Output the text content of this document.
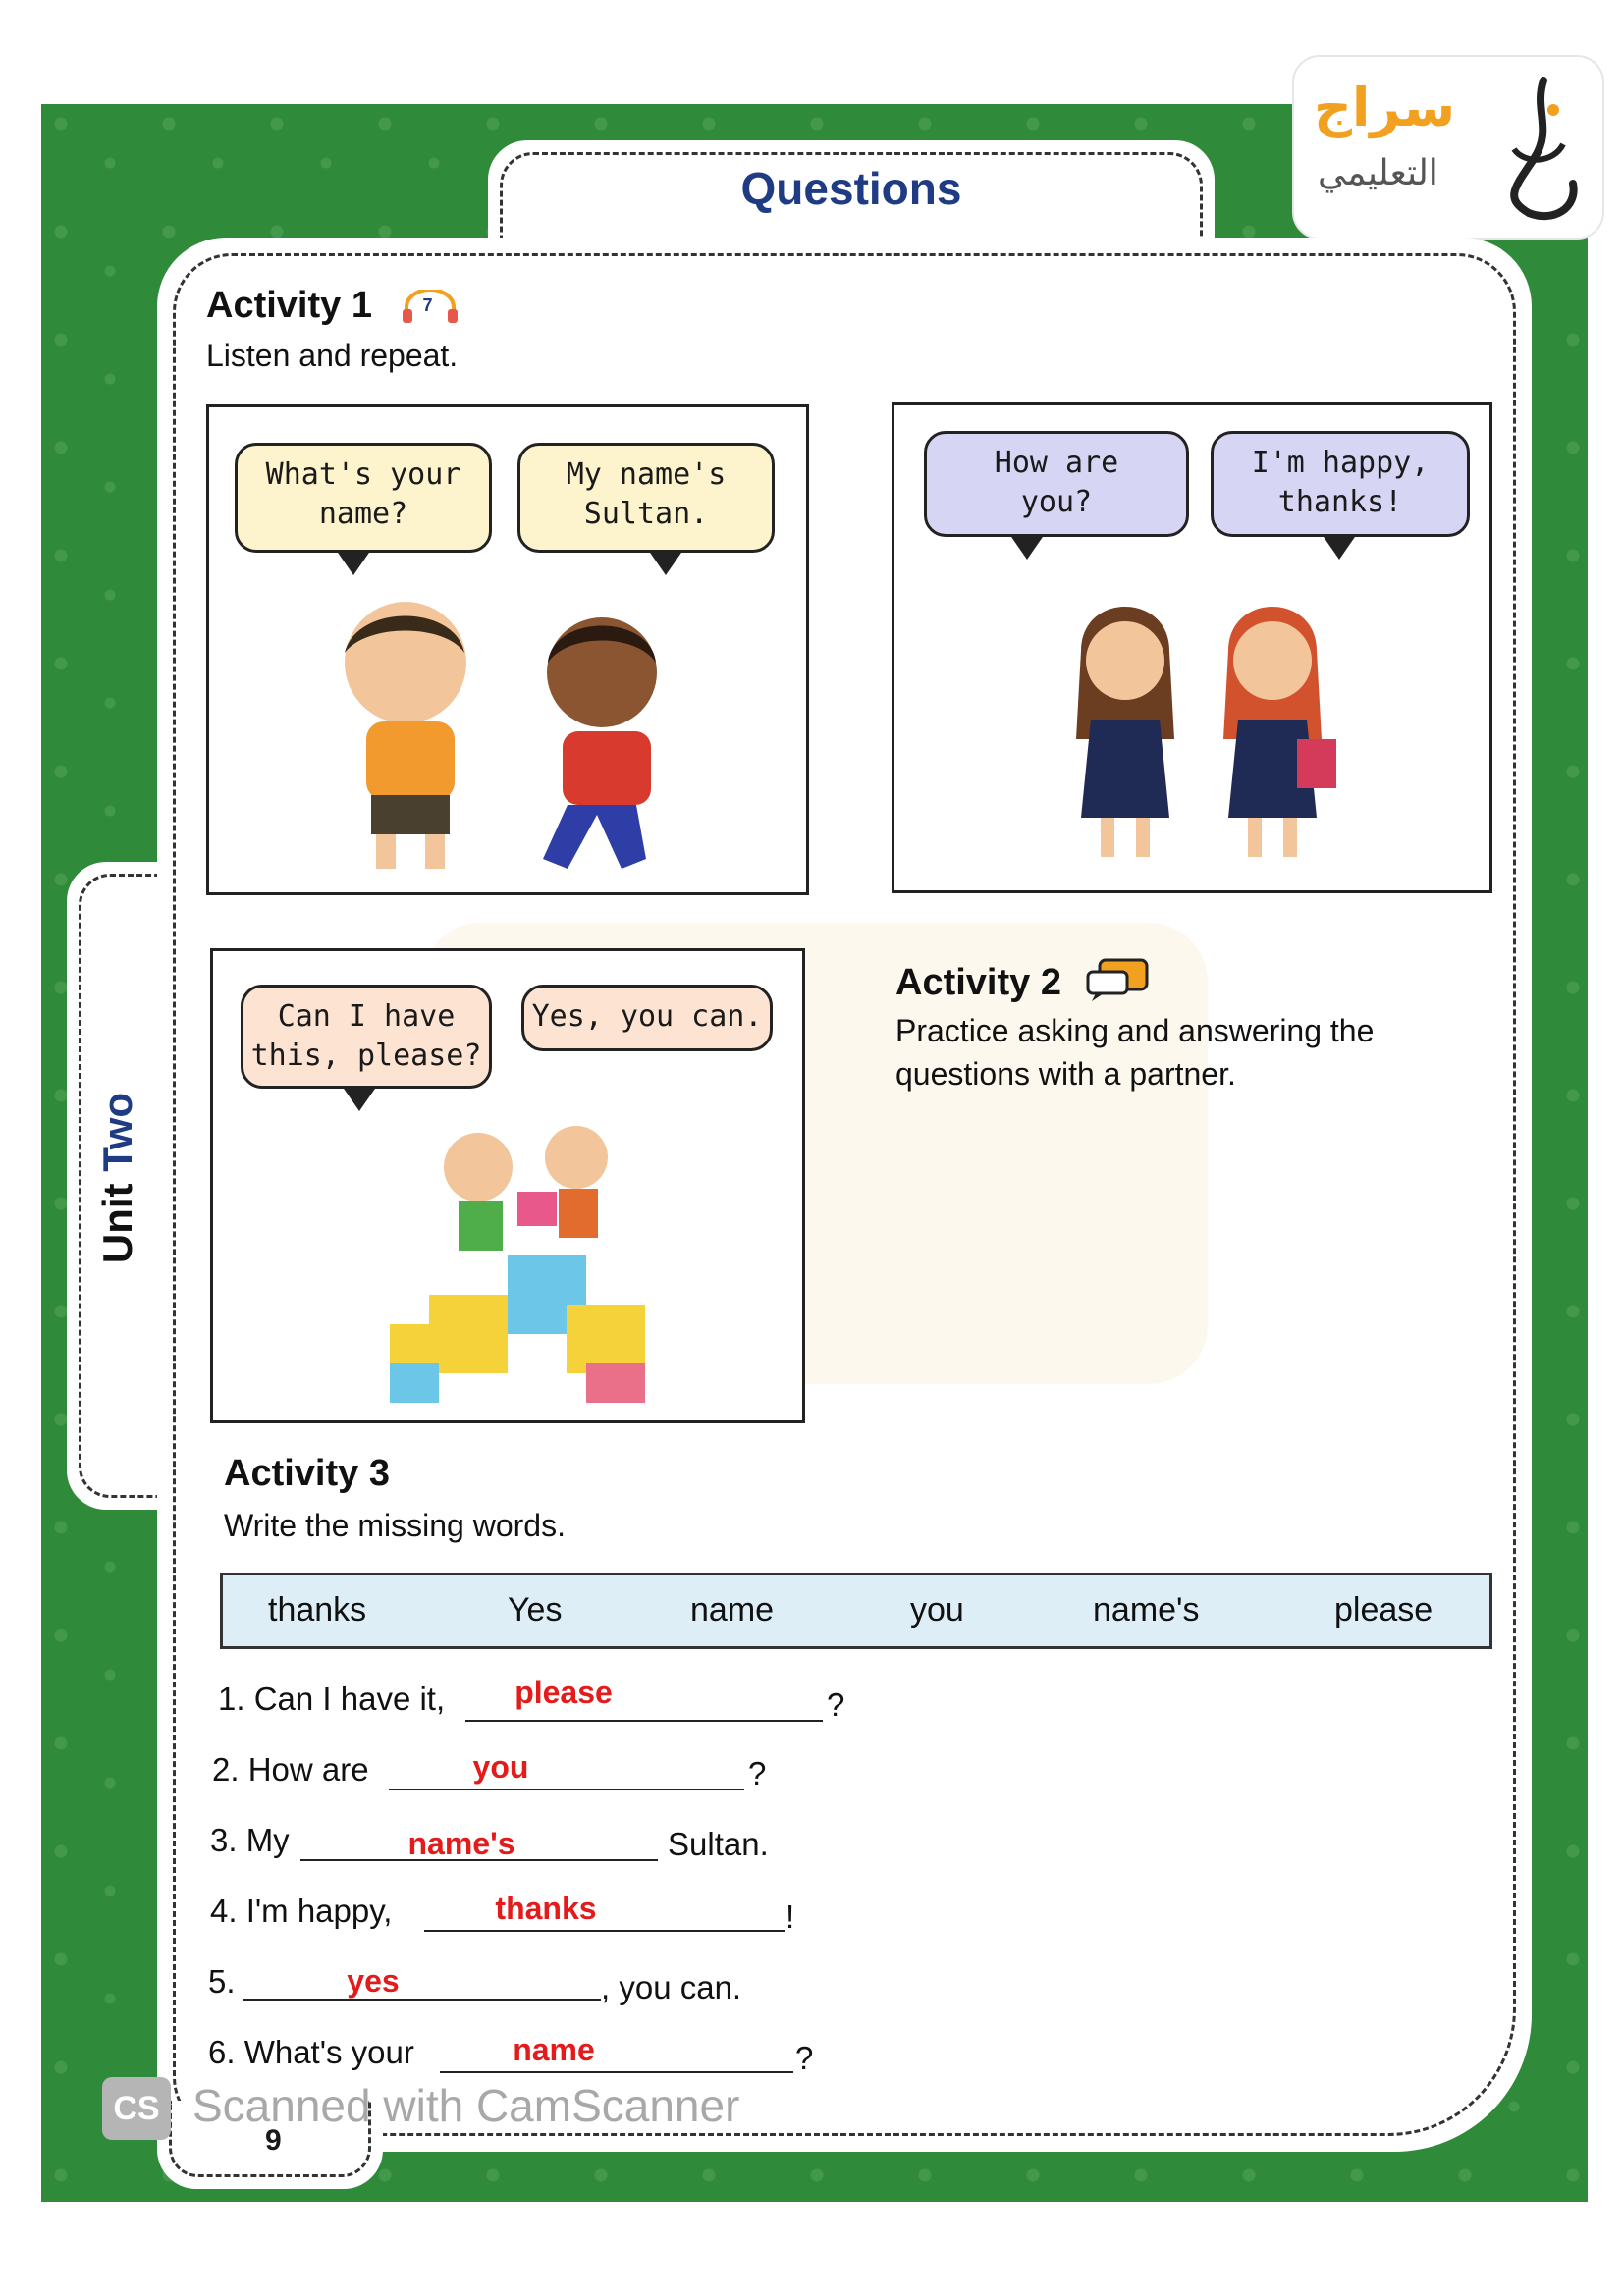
سراج
التعليمي
Questions
Unit Two
Activity 1	7
Listen and repeat.
What's your
name?
My name's
Sultan.
How are
you?
I'm happy,
thanks!
Can I have
this, please?
Yes, you can.
Activity 2
Practice asking and answering the
questions with a partner.
Activity 3
Write the missing words.
thanks	Yes	name	you	name's	please
1. Can I have it,	please	?
2. How are	you	?
3. My	name's	Sultan.
4. I'm happy,	thanks	!
5.	yes	, you can.
6. What's your	name	?
9
CS Scanned with CamScanner
